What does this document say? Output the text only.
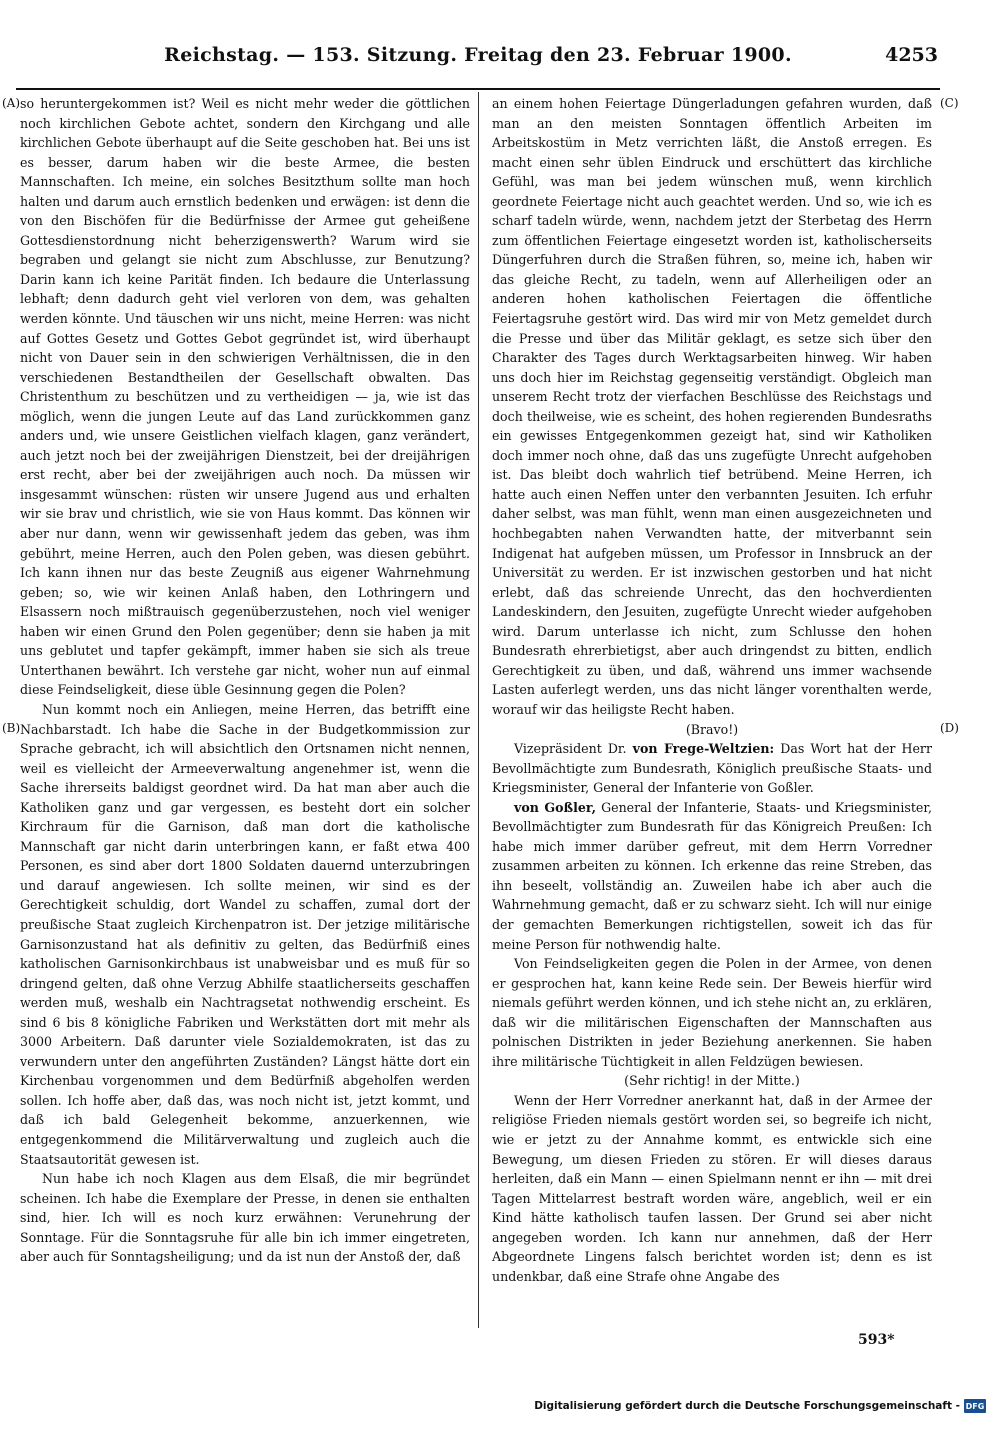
Reichstag. — 153. Sitzung. Freitag den 23. Februar 1900.	4253
(A)
(B)
(C)
(D)

so heruntergekommen ist? Weil es nicht mehr weder die göttlichen noch kirchlichen Gebote achtet, sondern den Kirchgang und alle kirchlichen Gebote überhaupt auf die Seite geschoben hat. Bei uns ist es besser, darum haben wir die beste Armee, die besten Mannschaften. Ich meine, ein solches Besitzthum sollte man hoch halten und darum auch ernstlich bedenken und erwägen: ist denn die von den Bischöfen für die Bedürfnisse der Armee gut geheißene Gottesdienstordnung nicht beherzigenswerth? Warum wird sie begraben und gelangt sie nicht zum Abschlusse, zur Benutzung? Darin kann ich keine Parität finden. Ich bedaure die Unterlassung lebhaft; denn dadurch geht viel verloren von dem, was gehalten werden könnte. Und täuschen wir uns nicht, meine Herren: was nicht auf Gottes Gesetz und Gottes Gebot gegründet ist, wird überhaupt nicht von Dauer sein in den schwierigen Verhältnissen, die in den verschiedenen Bestandtheilen der Gesellschaft obwalten. Das Christenthum zu beschützen und zu vertheidigen — ja, wie ist das möglich, wenn die jungen Leute auf das Land zurückkommen ganz anders und, wie unsere Geistlichen vielfach klagen, ganz verändert, auch jetzt noch bei der zweijährigen Dienstzeit, bei der dreijährigen erst recht, aber bei der zweijährigen auch noch. Da müssen wir insgesammt wünschen: rüsten wir unsere Jugend aus und erhalten wir sie brav und christlich, wie sie von Haus kommt. Das können wir aber nur dann, wenn wir gewissenhaft jedem das geben, was ihm gebührt, meine Herren, auch den Polen geben, was diesen gebührt. Ich kann ihnen nur das beste Zeugniß aus eigener Wahrnehmung geben; so, wie wir keinen Anlaß haben, den Lothringern und Elsassern noch mißtrauisch gegenüberzustehen, noch viel weniger haben wir einen Grund den Polen gegenüber; denn sie haben ja mit uns geblutet und tapfer gekämpft, immer haben sie sich als treue Unterthanen bewährt. Ich verstehe gar nicht, woher nun auf einmal diese Feindseligkeit, diese üble Gesinnung gegen die Polen?

Nun kommt noch ein Anliegen, meine Herren, das betrifft eine Nachbarstadt. Ich habe die Sache in der Budgetkommission zur Sprache gebracht, ich will absichtlich den Ortsnamen nicht nennen, weil es vielleicht der Armeeverwaltung angenehmer ist, wenn die Sache ihrerseits baldigst geordnet wird. Da hat man aber auch die Katholiken ganz und gar vergessen, es besteht dort ein solcher Kirchraum für die Garnison, daß man dort die katholische Mannschaft gar nicht darin unterbringen kann, er faßt etwa 400 Personen, es sind aber dort 1800 Soldaten dauernd unterzubringen und darauf angewiesen. Ich sollte meinen, wir sind es der Gerechtigkeit schuldig, dort Wandel zu schaffen, zumal dort der preußische Staat zugleich Kirchenpatron ist. Der jetzige militärische Garnisonzustand hat als definitiv zu gelten, das Bedürfniß eines katholischen Garnisonkirchbaus ist unabweisbar und es muß für so dringend gelten, daß ohne Verzug Abhilfe staatlicherseits geschaffen werden muß, weshalb ein Nachtragsetat nothwendig erscheint. Es sind 6 bis 8 königliche Fabriken und Werkstätten dort mit mehr als 3000 Arbeitern. Daß darunter viele Sozialdemokraten, ist das zu verwundern unter den angeführten Zuständen? Längst hätte dort ein Kirchenbau vorgenommen und dem Bedürfniß abgeholfen werden sollen. Ich hoffe aber, daß das, was noch nicht ist, jetzt kommt, und daß ich bald Gelegenheit bekomme, anzuerkennen, wie entgegenkommend die Militärverwaltung und zugleich auch die Staatsautorität gewesen ist.

Nun habe ich noch Klagen aus dem Elsaß, die mir begründet scheinen. Ich habe die Exemplare der Presse, in denen sie enthalten sind, hier. Ich will es noch kurz erwähnen: Verunehrung der Sonntage. Für die Sonntagsruhe für alle bin ich immer eingetreten, aber auch für Sonntagsheiligung; und da ist nun der Anstoß der, daß

an einem hohen Feiertage Düngerladungen gefahren wurden, daß man an den meisten Sonntagen öffentlich Arbeiten im Arbeitskostüm in Metz verrichten läßt, die Anstoß erregen. Es macht einen sehr üblen Eindruck und erschüttert das kirchliche Gefühl, was man bei jedem wünschen muß, wenn kirchlich geordnete Feiertage nicht auch geachtet werden. Und so, wie ich es scharf tadeln würde, wenn, nachdem jetzt der Sterbetag des Herrn zum öffentlichen Feiertage eingesetzt worden ist, katholischerseits Düngerfuhren durch die Straßen führen, so, meine ich, haben wir das gleiche Recht, zu tadeln, wenn auf Allerheiligen oder an anderen hohen katholischen Feiertagen die öffentliche Feiertagsruhe gestört wird. Das wird mir von Metz gemeldet durch die Presse und über das Militär geklagt, es setze sich über den Charakter des Tages durch Werktagsarbeiten hinweg. Wir haben uns doch hier im Reichstag gegenseitig verständigt. Obgleich man unserem Recht trotz der vierfachen Beschlüsse des Reichstags und doch theilweise, wie es scheint, des hohen regierenden Bundesraths ein gewisses Entgegenkommen gezeigt hat, sind wir Katholiken doch immer noch ohne, daß das uns zugefügte Unrecht aufgehoben ist. Das bleibt doch wahrlich tief betrübend. Meine Herren, ich hatte auch einen Neffen unter den verbannten Jesuiten. Ich erfuhr daher selbst, was man fühlt, wenn man einen ausgezeichneten und hochbegabten nahen Verwandten hatte, der mitverbannt sein Indigenat hat aufgeben müssen, um Professor in Innsbruck an der Universität zu werden. Er ist inzwischen gestorben und hat nicht erlebt, daß das schreiende Unrecht, das den hochverdienten Landeskindern, den Jesuiten, zugefügte Unrecht wieder aufgehoben wird. Darum unterlasse ich nicht, zum Schlusse den hohen Bundesrath ehrerbietigst, aber auch dringendst zu bitten, endlich Gerechtigkeit zu üben, und daß, während uns immer wachsende Lasten auferlegt werden, uns das nicht länger vorenthalten werde, worauf wir das heiligste Recht haben.

(Bravo!)

Vizepräsident Dr. von Frege-Weltzien: Das Wort hat der Herr Bevollmächtigte zum Bundesrath, Königlich preußische Staats- und Kriegsminister, General der Infanterie von Goßler.

von Goßler, General der Infanterie, Staats- und Kriegsminister, Bevollmächtigter zum Bundesrath für das Königreich Preußen: Ich habe mich immer darüber gefreut, mit dem Herrn Vorredner zusammen arbeiten zu können. Ich erkenne das reine Streben, das ihn beseelt, vollständig an. Zuweilen habe ich aber auch die Wahrnehmung gemacht, daß er zu schwarz sieht. Ich will nur einige der gemachten Bemerkungen richtigstellen, soweit ich das für meine Person für nothwendig halte.

Von Feindseligkeiten gegen die Polen in der Armee, von denen er gesprochen hat, kann keine Rede sein. Der Beweis hierfür wird niemals geführt werden können, und ich stehe nicht an, zu erklären, daß wir die militärischen Eigenschaften der Mannschaften aus polnischen Distrikten in jeder Beziehung anerkennen. Sie haben ihre militärische Tüchtigkeit in allen Feldzügen bewiesen.

(Sehr richtig! in der Mitte.)

Wenn der Herr Vorredner anerkannt hat, daß in der Armee der religiöse Frieden niemals gestört worden sei, so begreife ich nicht, wie er jetzt zu der Annahme kommt, es entwickle sich eine Bewegung, um diesen Frieden zu stören. Er will dieses daraus herleiten, daß ein Mann — einen Spielmann nennt er ihn — mit drei Tagen Mittelarrest bestraft worden wäre, angeblich, weil er ein Kind hätte katholisch taufen lassen. Der Grund sei aber nicht angegeben worden. Ich kann nur annehmen, daß der Herr Abgeordnete Lingens falsch berichtet worden ist; denn es ist undenkbar, daß eine Strafe ohne Angabe des

593*
Digitalisierung gefördert durch die Deutsche Forschungsgemeinschaft - DFG
